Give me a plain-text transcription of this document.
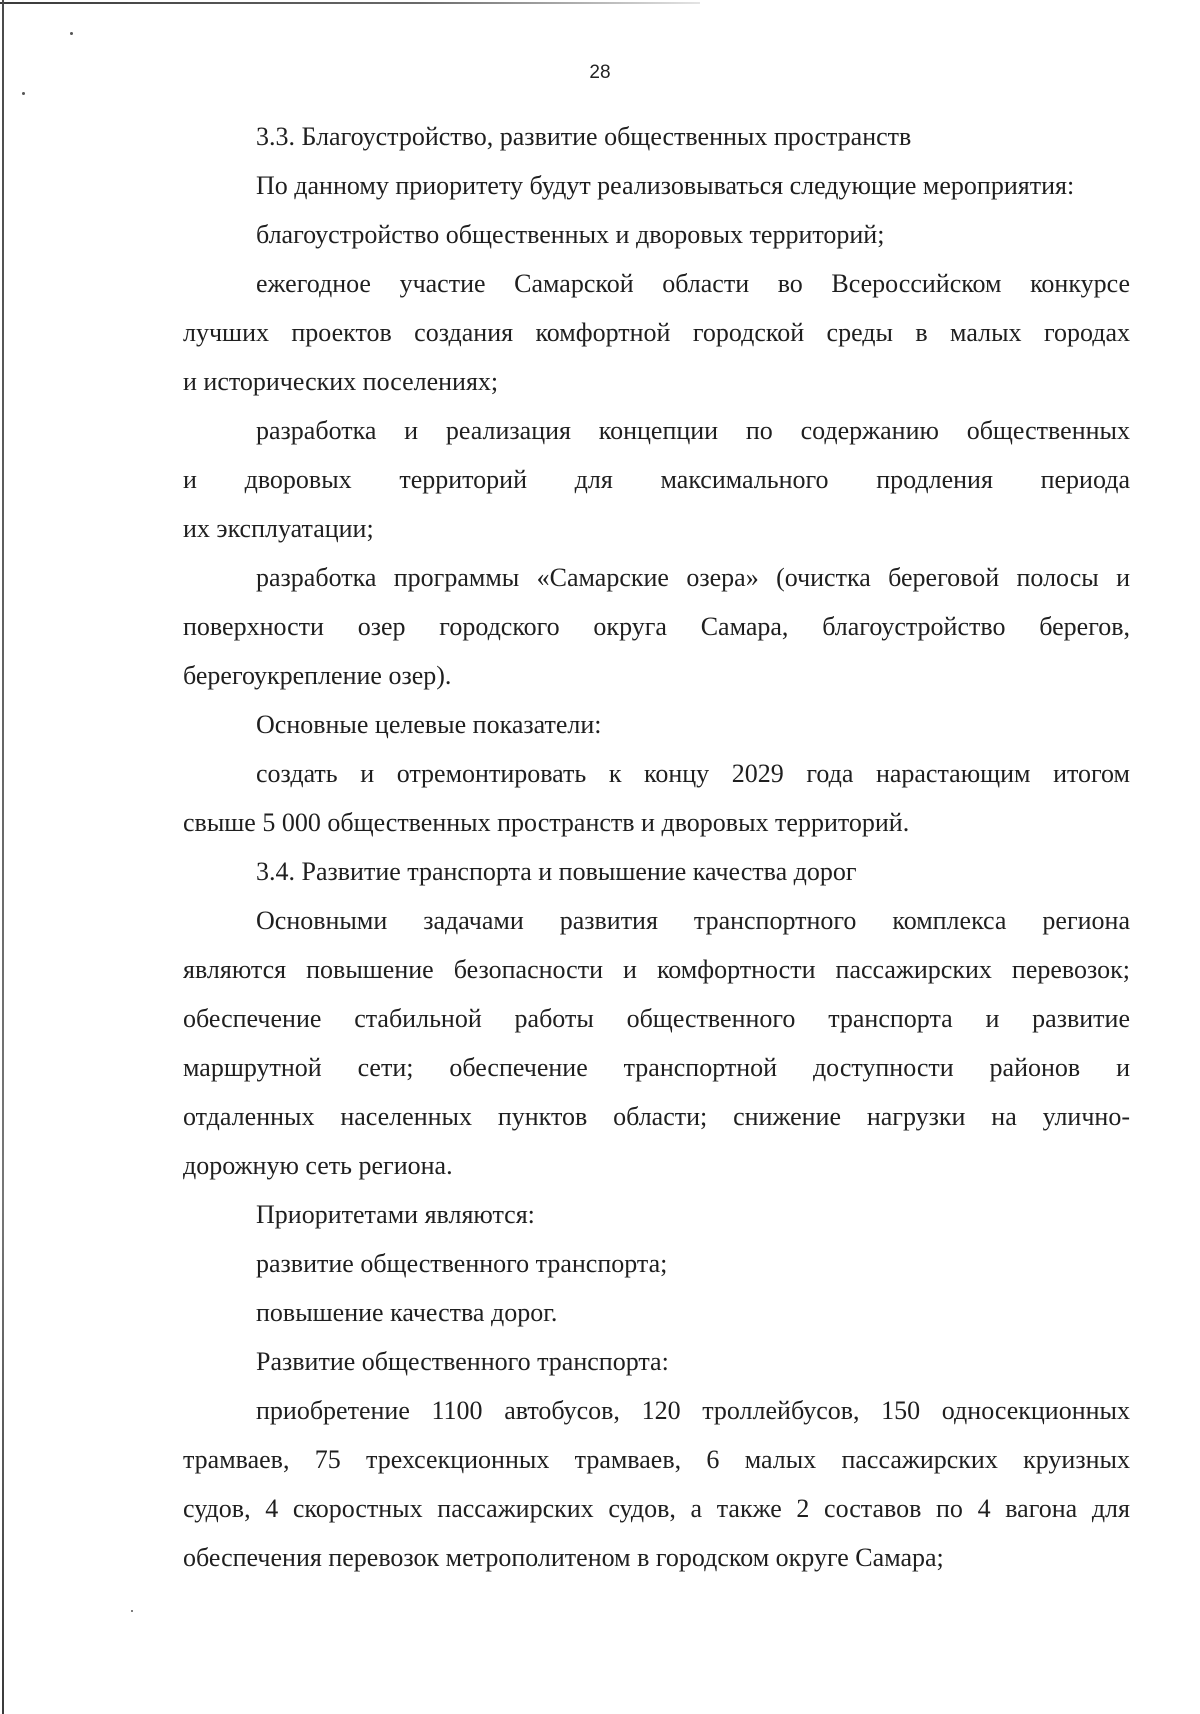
28
3.3. Благоустройство, развитие общественных пространств
По данному приоритету будут реализовываться следующие мероприятия:
благоустройство общественных и дворовых территорий;
ежегодное участие Самарской области во Всероссийском конкурсе
лучших проектов создания комфортной городской среды в малых городах
и исторических поселениях;
разработка и реализация концепции по содержанию общественных
и дворовых территорий для максимального продления периода
их эксплуатации;
разработка программы «Самарские озера» (очистка береговой полосы и
поверхности озер городского округа Самара, благоустройство берегов,
берегоукрепление озер).
Основные целевые показатели:
создать и отремонтировать к концу 2029 года нарастающим итогом
свыше 5 000 общественных пространств и дворовых территорий.
3.4. Развитие транспорта и повышение качества дорог
Основными задачами развития транспортного комплекса региона
являются повышение безопасности и комфортности пассажирских перевозок;
обеспечение стабильной работы общественного транспорта и развитие
маршрутной сети; обеспечение транспортной доступности районов и
отдаленных населенных пунктов области; снижение нагрузки на улично-
дорожную сеть региона.
Приоритетами являются:
развитие общественного транспорта;
повышение качества дорог.
Развитие общественного транспорта:
приобретение 1100 автобусов, 120 троллейбусов, 150 односекционных
трамваев, 75 трехсекционных трамваев, 6 малых пассажирских круизных
судов, 4 скоростных пассажирских судов, а также 2 составов по 4 вагона для
обеспечения перевозок метрополитеном в городском округе Самара;
